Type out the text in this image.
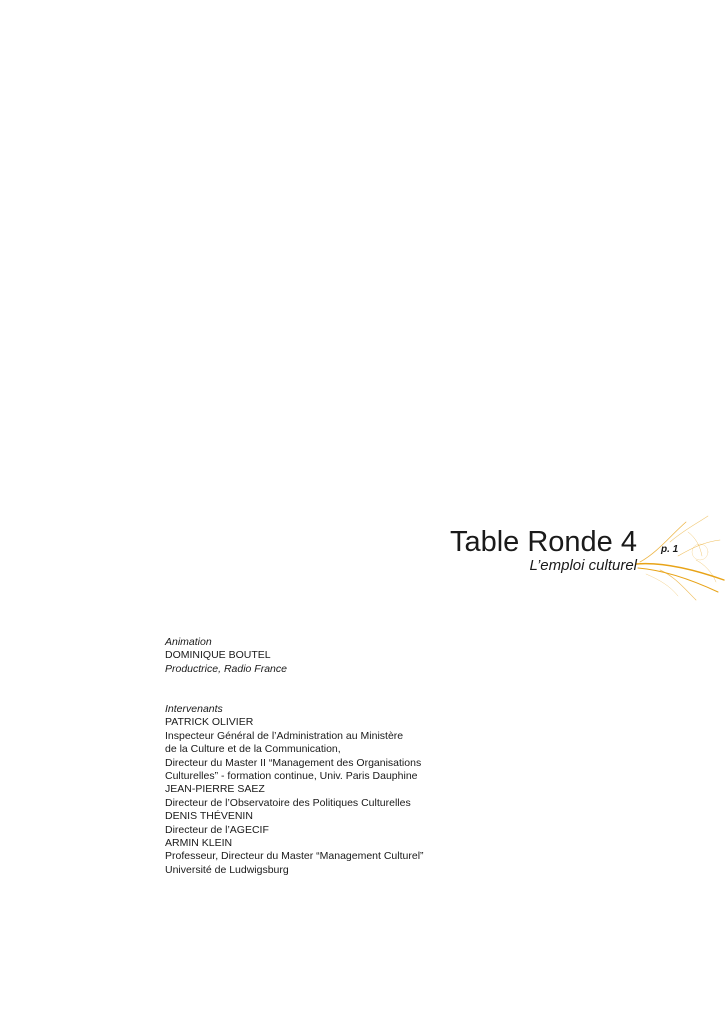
Table Ronde 4 p. 1
L’emploi culturel
Animation
DOMINIQUE BOUTEL
Productrice, Radio France
Intervenants
PATRICK OLIVIER
Inspecteur Général de l’Administration au Ministère
de la Culture et de la Communication,
Directeur du Master II “Management des Organisations
Culturelles” - formation continue, Univ. Paris Dauphine
JEAN-PIERRE SAEZ
Directeur de l’Observatoire des Politiques Culturelles
DENIS THÉVENIN
Directeur de l’AGECIF
ARMIN KLEIN
Professeur, Directeur du Master “Management Culturel”
Université de Ludwigsburg
